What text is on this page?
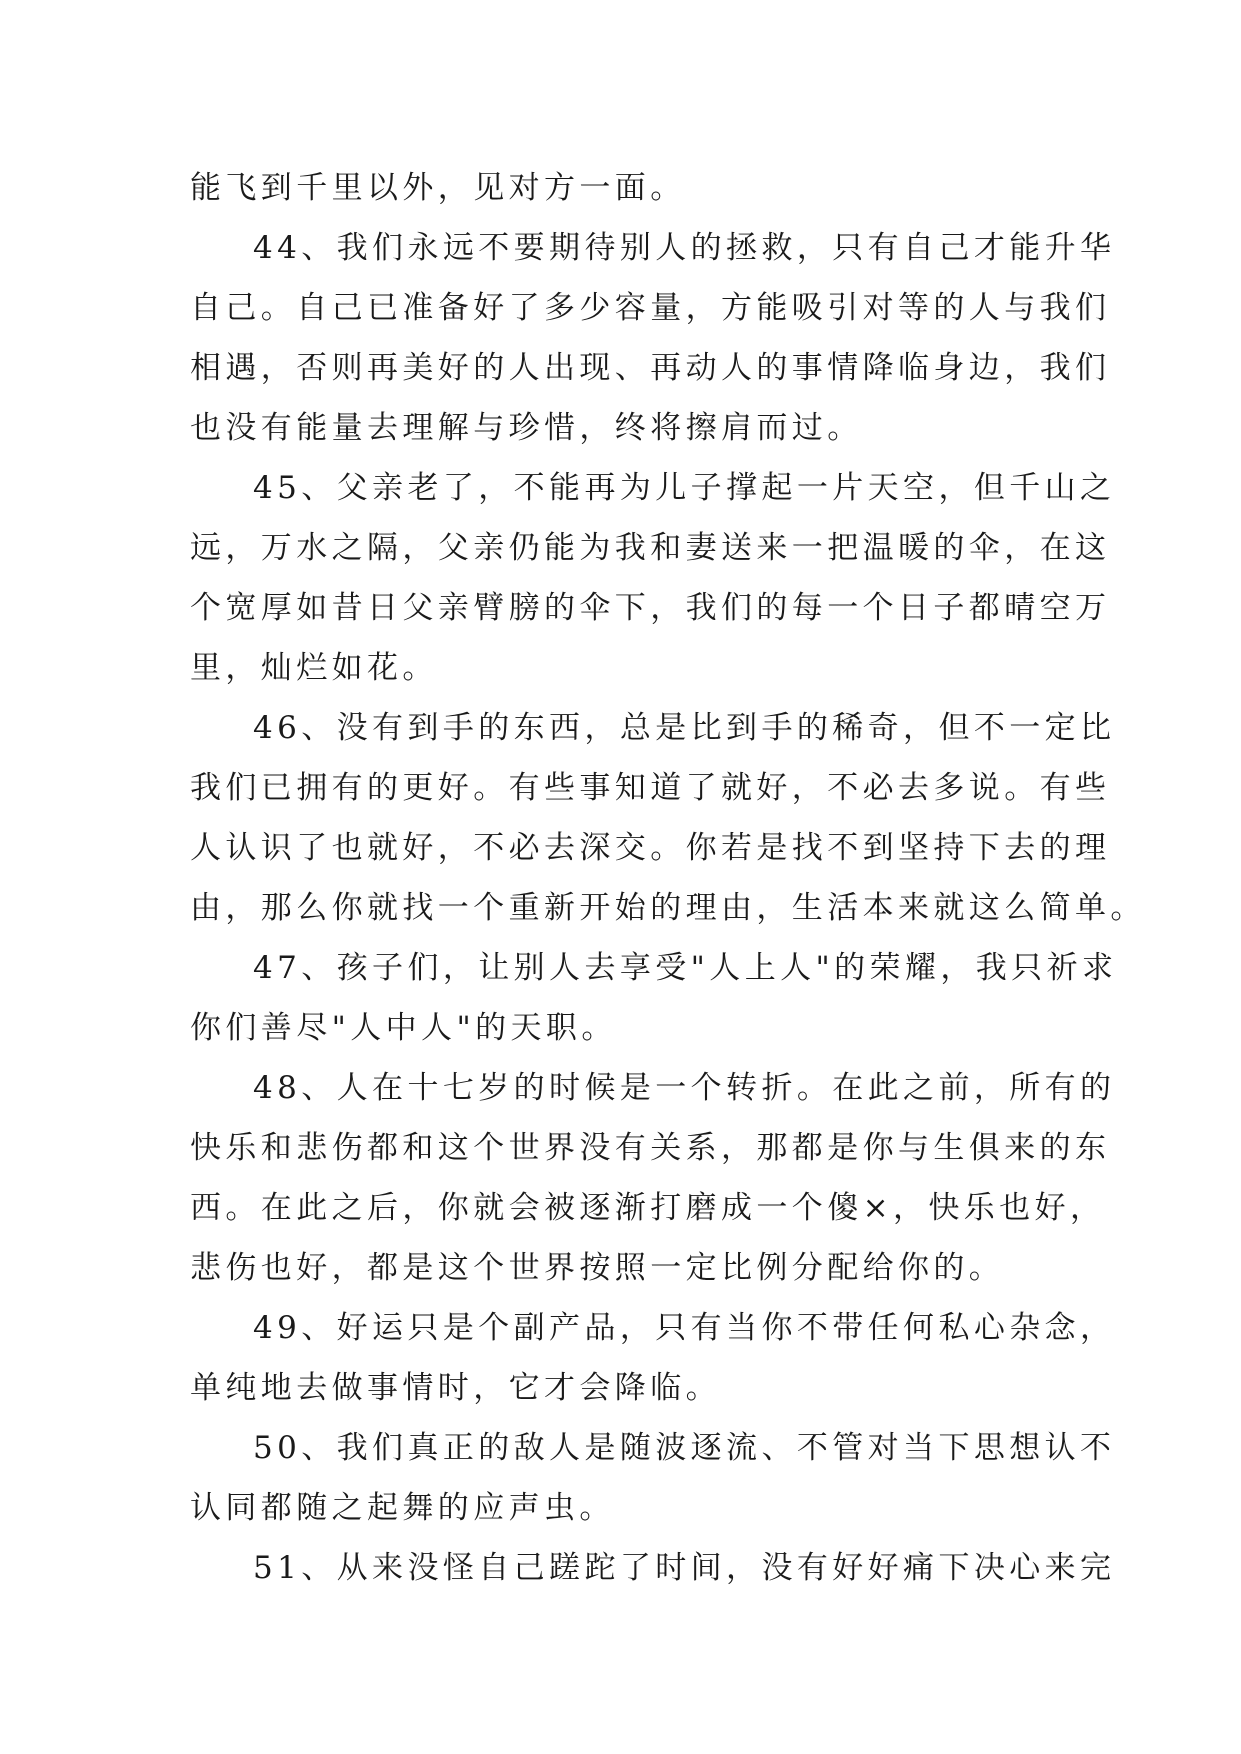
能飞到千里以外，见对方一面。
44、我们永远不要期待别人的拯救，只有自己才能升华
自己。自己已准备好了多少容量，方能吸引对等的人与我们
相遇，否则再美好的人出现、再动人的事情降临身边，我们
也没有能量去理解与珍惜，终将擦肩而过。
45、父亲老了，不能再为儿子撑起一片天空，但千山之
远，万水之隔，父亲仍能为我和妻送来一把温暖的伞，在这
个宽厚如昔日父亲臂膀的伞下，我们的每一个日子都晴空万
里，灿烂如花。
46、没有到手的东西，总是比到手的稀奇，但不一定比
我们已拥有的更好。有些事知道了就好，不必去多说。有些
人认识了也就好，不必去深交。你若是找不到坚持下去的理
由，那么你就找一个重新开始的理由，生活本来就这么简单。
47、孩子们，让别人去享受"人上人"的荣耀，我只祈求
你们善尽"人中人"的天职。
48、人在十七岁的时候是一个转折。在此之前，所有的
快乐和悲伤都和这个世界没有关系，那都是你与生俱来的东
西。在此之后，你就会被逐渐打磨成一个傻×，快乐也好，
悲伤也好，都是这个世界按照一定比例分配给你的。
49、好运只是个副产品，只有当你不带任何私心杂念，
单纯地去做事情时，它才会降临。
50、我们真正的敌人是随波逐流、不管对当下思想认不
认同都随之起舞的应声虫。
51、从来没怪自己蹉跎了时间，没有好好痛下决心来完
